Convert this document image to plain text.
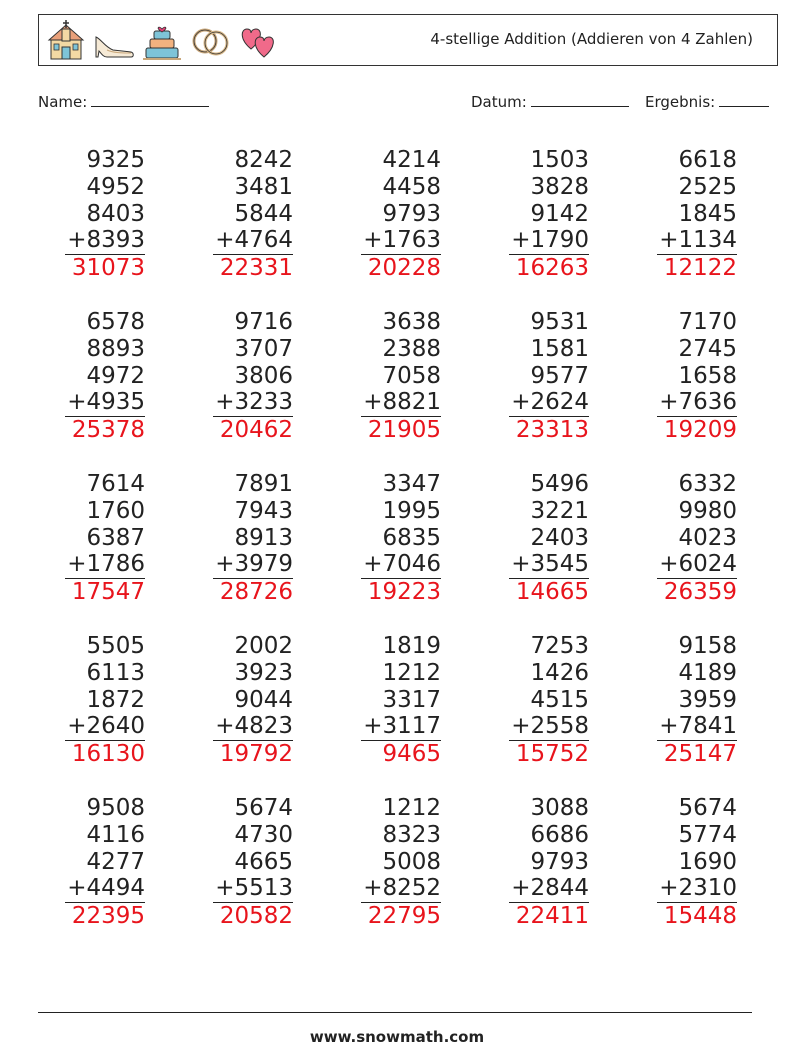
4-stellige Addition (Addieren von 4 Zahlen)
Name:	Datum:	Ergebnis:
9325
4952
8403
+8393
31073
8242
3481
5844
+4764
22331
4214
4458
9793
+1763
20228
1503
3828
9142
+1790
16263
6618
2525
1845
+1134
12122
6578
8893
4972
+4935
25378
9716
3707
3806
+3233
20462
3638
2388
7058
+8821
21905
9531
1581
9577
+2624
23313
7170
2745
1658
+7636
19209
7614
1760
6387
+1786
17547
7891
7943
8913
+3979
28726
3347
1995
6835
+7046
19223
5496
3221
2403
+3545
14665
6332
9980
4023
+6024
26359
5505
6113
1872
+2640
16130
2002
3923
9044
+4823
19792
1819
1212
3317
+3117
9465
7253
1426
4515
+2558
15752
9158
4189
3959
+7841
25147
9508
4116
4277
+4494
22395
5674
4730
4665
+5513
20582
1212
8323
5008
+8252
22795
3088
6686
9793
+2844
22411
5674
5774
1690
+2310
15448
www.snowmath.com
